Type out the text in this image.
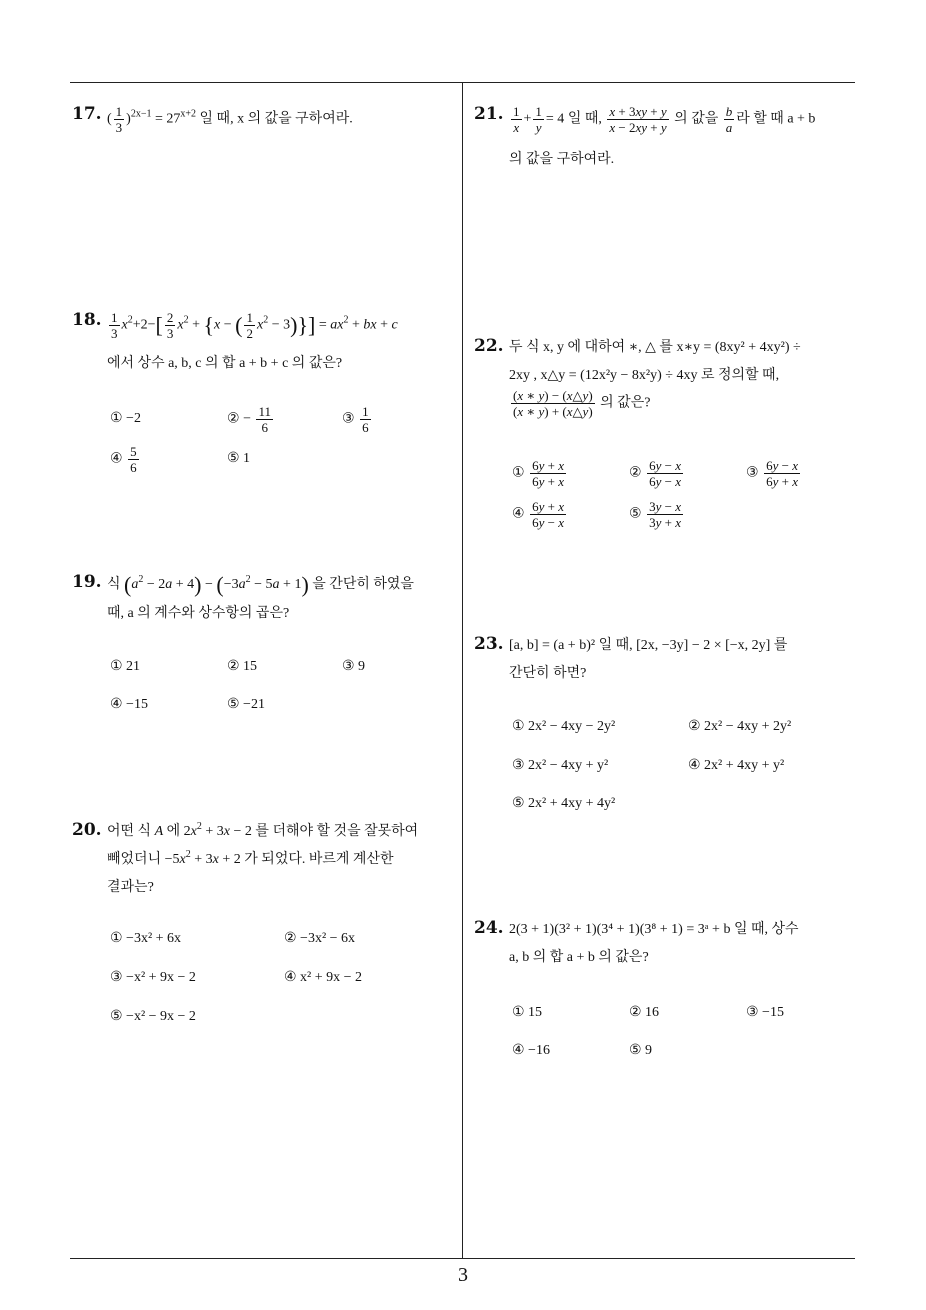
3
17. ( $\frac{1}{3} )^{2x-1} = 27^{x+2}$ 일 때, x 의 값을 구하여라.
18. $\frac{1}{3} x^2+2-[ \frac{2}{3} x^2 + \{x$ − ( $\frac{1}{2} x^2 - 3)\}] = ax^2$ + bx + c
에서 상수 a, b, c 의 합 a + b + c 의 값은?
① −2	② − $\frac{11}{6}$	③ $\frac{1}{6}$
④ $\frac{5}{6}$	⑤ 1
19. 식 $(a^2 - 2a + 4) - (-3a^2 - 5a + 1)$ 을 간단히 하였을
때, a 의 계수와 상수항의 곱은?
① 21	② 15	③ 9
④ −15	⑤ −21
20. 어떤 식 A 에 $2x^2 + 3x - 2$ 를 더해야 할 것을 잘못하여
빼었더니 $-5x^2 + 3x + 2$ 가 되었다. 바르게 계산한
결과는?
① −3x² + 6x	② −3x² − 6x
③ −x² + 9x − 2	④ x² + 9x − 2
⑤ −x² − 9x − 2
21. $\frac{1}{x} + \frac{1}{y} = 4$ 일 때, $\frac{x + 3xy + y}{x - 2xy + y}$ 의 값을 $\frac{b}{a}$ 라 할 때 a + b
의 값을 구하여라.
22. 두 식 x, y 에 대하여 ∗, △ 를 x∗y = (8xy² + 4xy²) ÷
2xy , x△y = (12x²y − 8x²y) ÷ 4xy 로 정의할 때,
$\frac{(x ∗ y) - (x\triangle y)}{(x ∗ y) + (x\triangle y)}$ 의 값은?
① $\frac{6y + x}{6y + x}$	② $\frac{6y - x}{6y - x}$	③ $\frac{6y - x}{6y + x}$
④ $\frac{6y + x}{6y - x}$	⑤ $\frac{3y - x}{3y + x}$
23. [a, b] = (a + b)² 일 때, [2x, −3y] − 2 × [−x, 2y] 를
간단히 하면?
① 2x² − 4xy − 2y²	② 2x² − 4xy + 2y²
③ 2x² − 4xy + y²	④ 2x² + 4xy + y²
⑤ 2x² + 4xy + 4y²
24. 2(3 + 1)(3² + 1)(3⁴ + 1)(3⁸ + 1) = 3ᵃ + b 일 때, 상수
a, b 의 합 a + b 의 값은?
① 15	② 16	③ −15
④ −16	⑤ 9
